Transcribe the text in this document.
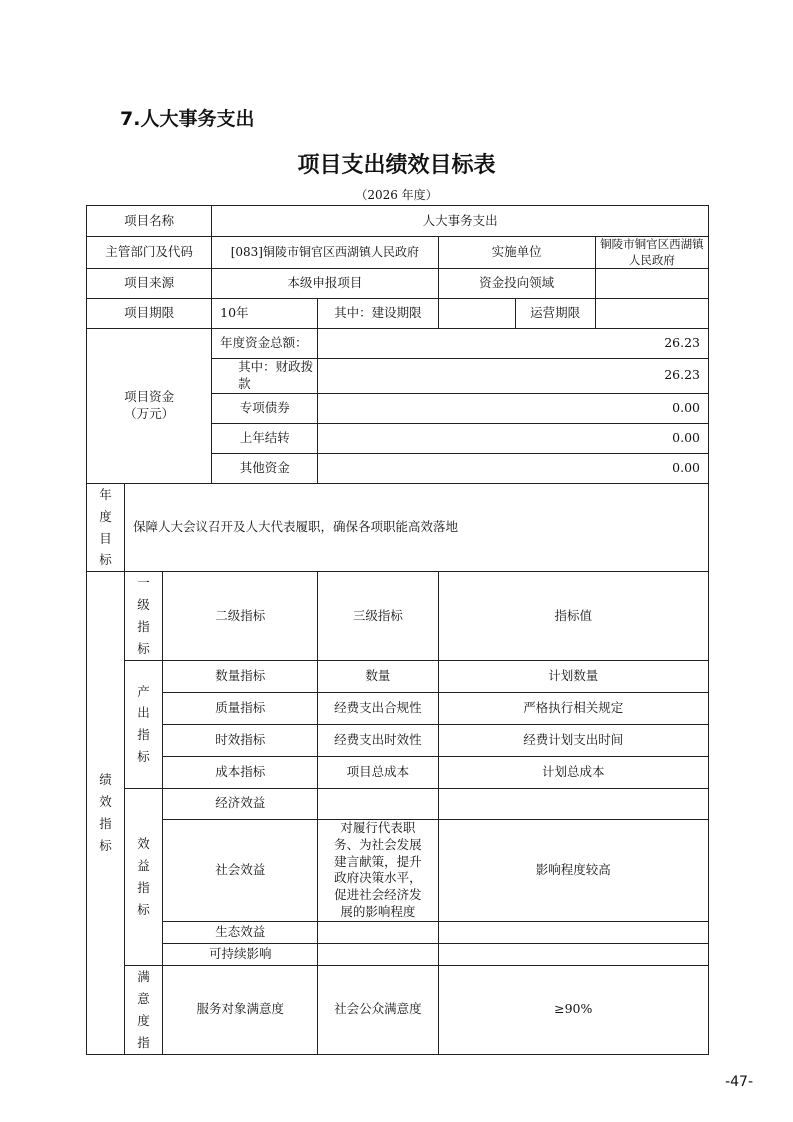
7.人大事务支出
项目支出绩效目标表
（2026 年度）
项目名称			人大事务支出				
主管部门及代码			[083]铜陵市铜官区西湖镇人民政府		实施单位		铜陵市铜官区西湖镇人民政府
项目来源			本级申报项目		资金投向领域		
项目期限			10年	其中：建设期限		运营期限	
项目资金（万元）			年度资金总额：	26.23			
			其中：财政拨款	26.23			
			专项债券	0.00			
			上年结转	0.00			
			其他资金	0.00			
年度目标	保障人大会议召开及人大代表履职，确保各项职能高效落地						
绩效指标	一级指标	二级指标		三级指标	指标值		
	产出指标	数量指标		数量	计划数量		
		质量指标		经费支出合规性	严格执行相关规定		
		时效指标		经费支出时效性	经费计划支出时间		
		成本指标		项目总成本	计划总成本		
	效益指标	经济效益					
		社会效益		对履行代表职务、为社会发展建言献策，提升政府决策水平，促进社会经济发展的影响程度	影响程度较高		
		生态效益					
		可持续影响					
	满意度指	服务对象满意度		社会公众满意度	≥90%		
-47-
